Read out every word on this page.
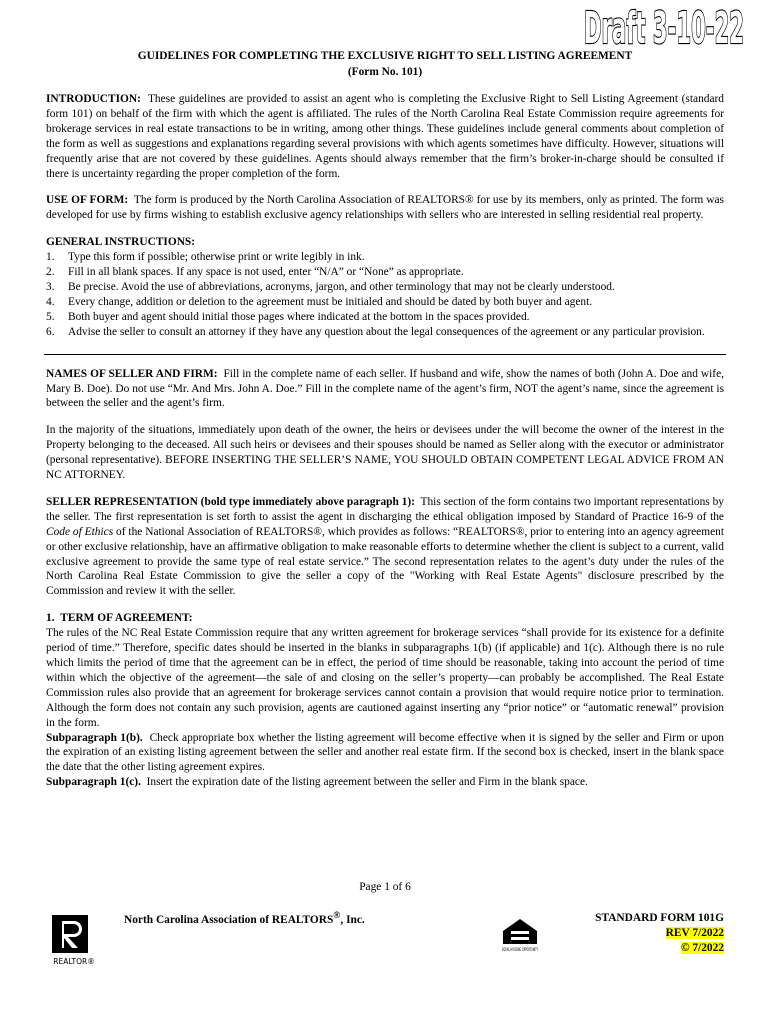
Draft 3-10-22
GUIDELINES FOR COMPLETING THE EXCLUSIVE RIGHT TO SELL LISTING AGREEMENT
(Form No. 101)

INTRODUCTION: These guidelines are provided to assist an agent who is completing the Exclusive Right to Sell Listing Agreement (standard form 101) on behalf of the firm with which the agent is affiliated. The rules of the North Carolina Real Estate Commission require agreements for brokerage services in real estate transactions to be in writing, among other things. These guidelines include general comments about completion of the form as well as suggestions and explanations regarding several provisions with which agents sometimes have difficulty. However, situations will frequently arise that are not covered by these guidelines. Agents should always remember that the firm’s broker-in-charge should be consulted if there is uncertainty regarding the proper completion of the form.

USE OF FORM: The form is produced by the North Carolina Association of REALTORS® for use by its members, only as printed. The form was developed for use by firms wishing to establish exclusive agency relationships with sellers who are interested in selling residential real property.

GENERAL INSTRUCTIONS:
1.	Type this form if possible; otherwise print or write legibly in ink.
2.	Fill in all blank spaces. If any space is not used, enter “N/A” or “None” as appropriate.
3.	Be precise. Avoid the use of abbreviations, acronyms, jargon, and other terminology that may not be clearly understood.
4.	Every change, addition or deletion to the agreement must be initialed and should be dated by both buyer and agent.
5.	Both buyer and agent should initial those pages where indicated at the bottom in the spaces provided.
6.	Advise the seller to consult an attorney if they have any question about the legal consequences of the agreement or any particular provision.

NAMES OF SELLER AND FIRM: Fill in the complete name of each seller. If husband and wife, show the names of both (John A. Doe and wife, Mary B. Doe). Do not use “Mr. And Mrs. John A. Doe.” Fill in the complete name of the agent’s firm, NOT the agent’s name, since the agreement is between the seller and the agent’s firm.

In the majority of the situations, immediately upon death of the owner, the heirs or devisees under the will become the owner of the interest in the Property belonging to the deceased. All such heirs or devisees and their spouses should be named as Seller along with the executor or administrator (personal representative). BEFORE INSERTING THE SELLER’S NAME, YOU SHOULD OBTAIN COMPETENT LEGAL ADVICE FROM AN NC ATTORNEY.

SELLER REPRESENTATION (bold type immediately above paragraph 1): This section of the form contains two important representations by the seller. The first representation is set forth to assist the agent in discharging the ethical obligation imposed by Standard of Practice 16-9 of the Code of Ethics of the National Association of REALTORS®, which provides as follows: “REALTORS®, prior to entering into an agency agreement or other exclusive relationship, have an affirmative obligation to make reasonable efforts to determine whether the client is subject to a current, valid exclusive agreement to provide the same type of real estate service.” The second representation relates to the agent’s duty under the rules of the North Carolina Real Estate Commission to give the seller a copy of the "Working with Real Estate Agents" disclosure prescribed by the Commission and review it with the seller.

1. TERM OF AGREEMENT:

The rules of the NC Real Estate Commission require that any written agreement for brokerage services “shall provide for its existence for a definite period of time.” Therefore, specific dates should be inserted in the blanks in subparagraphs 1(b) (if applicable) and 1(c). Although there is no rule which limits the period of time that the agreement can be in effect, the period of time should be reasonable, taking into account the period of time within which the objective of the agreement—the sale of and closing on the seller’s property—can probably be accomplished. The Real Estate Commission rules also provide that an agreement for brokerage services cannot contain a provision that would require notice prior to termination. Although the form does not contain any such provision, agents are cautioned against inserting any “prior notice” or “automatic renewal” provision in the form.

Subparagraph 1(b). Check appropriate box whether the listing agreement will become effective when it is signed by the seller and Firm or upon the expiration of an existing listing agreement between the seller and another real estate firm. If the second box is checked, insert in the blank space the date that the other listing agreement expires.

Subparagraph 1(c). Insert the expiration date of the listing agreement between the seller and Firm in the blank space.

Page 1 of 6
REALTOR®
North Carolina Association of REALTORS®, Inc.
EQUAL HOUSING OPPORTUNITY
STANDARD FORM 101G
REV 7/2022
© 7/2022
